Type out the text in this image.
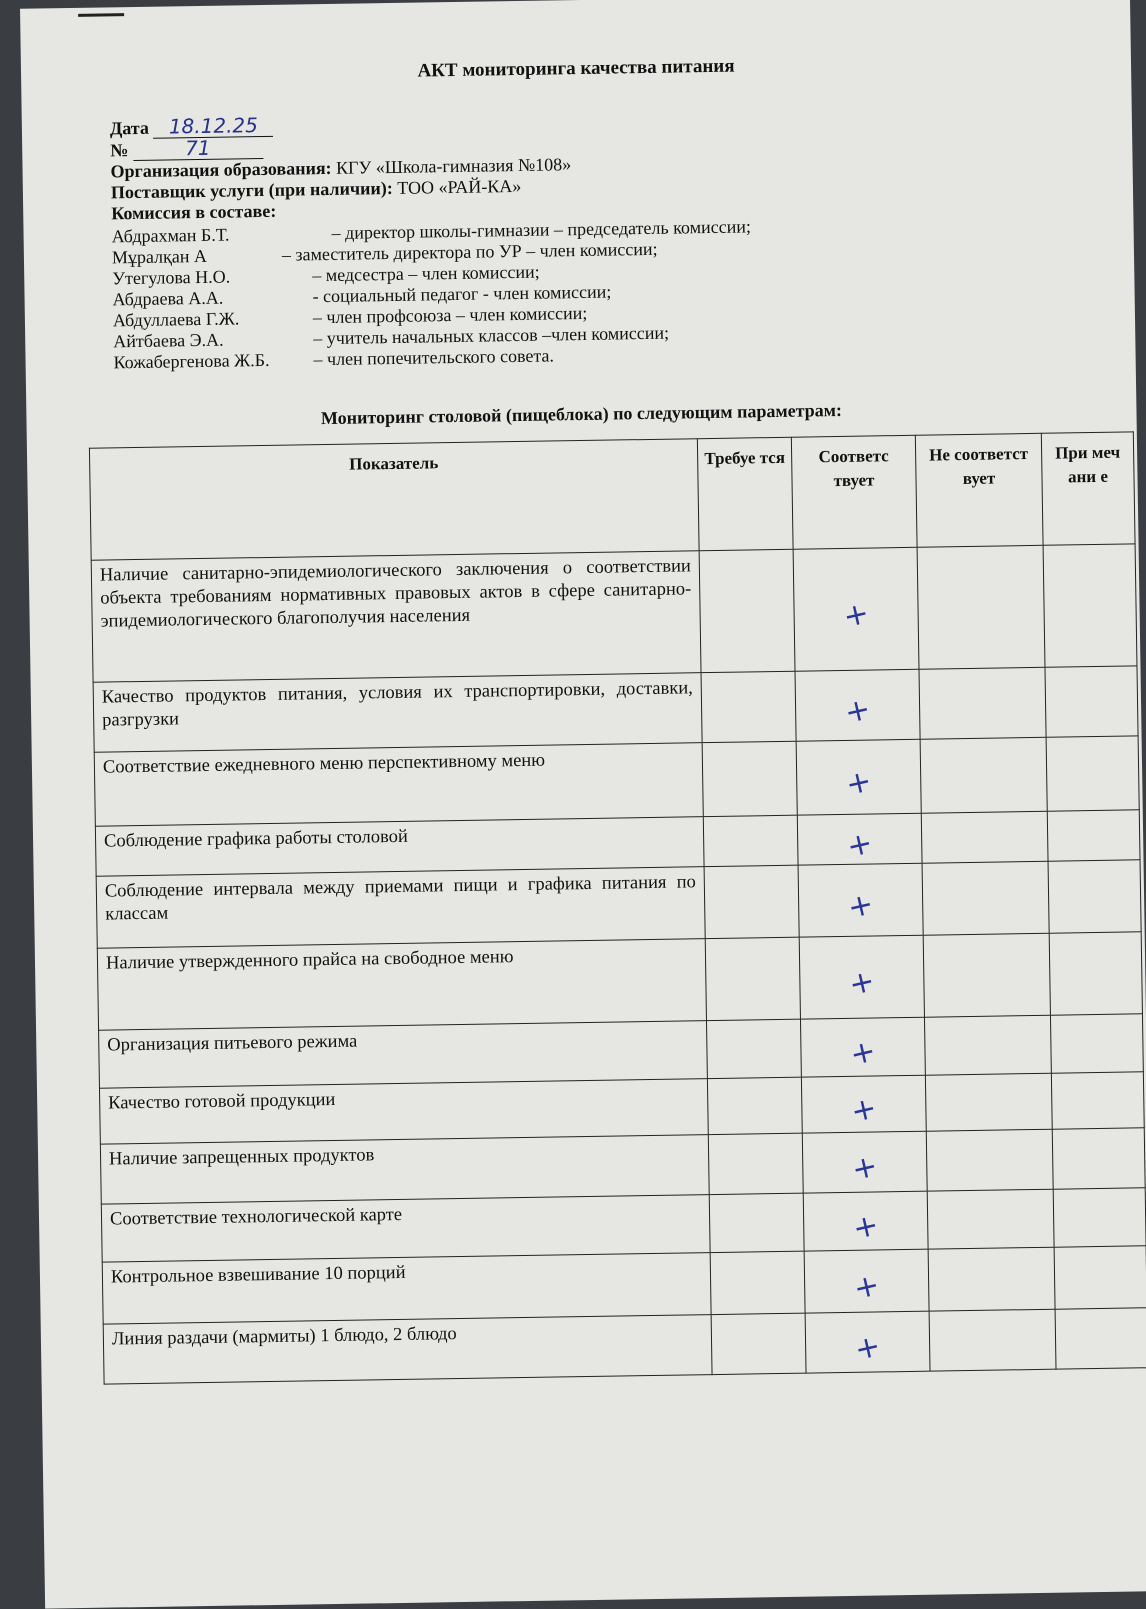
АКТ мониторинга качества питания
Дата 18.12.25
№	71
Организация образования: КГУ «Школа-гимназия №108»
Поставщик услуги (при наличии): ТОО «РАЙ-КА»
Комиссия в составе:
Абдрахман Б.Т.	– директор школы-гимназии – председатель комиссии;
Мұралқан А	– заместитель директора по УР – член комиссии;
Утегулова Н.О.	– медсестра – член комиссии;
Абдраева А.А.	- социальный педагог - член комиссии;
Абдуллаева Г.Ж.	– член профсоюза – член комиссии;
Айтбаева Э.А.	– учитель начальных классов –член комиссии;
Кожабергенова Ж.Б.	– член попечительского совета.
Мониторинг столовой (пищеблока) по следующим параметрам:
Показатель	Требуе тся	Соответс твует	Не соответст вует	При меч ани е
Наличие санитарно-эпидемиологического заключения о соответствии объекта требованиям нормативных правовых актов в сфере санитарно-эпидемиологического благополучия населения		+		
Качество продуктов питания, условия их транспортировки, доставки, разгрузки		+		
Соответствие ежедневного меню перспективному меню		+		
Соблюдение графика работы столовой		+		
Соблюдение интервала между приемами пищи и графика питания по классам		+		
Наличие утвержденного прайса на свободное меню		+		
Организация питьевого режима		+		
Качество готовой продукции		+		
Наличие запрещенных продуктов		+		
Соответствие технологической карте		+		
Контрольное взвешивание 10 порций		+		
Линия раздачи (мармиты) 1 блюдо, 2 блюдо		+		
